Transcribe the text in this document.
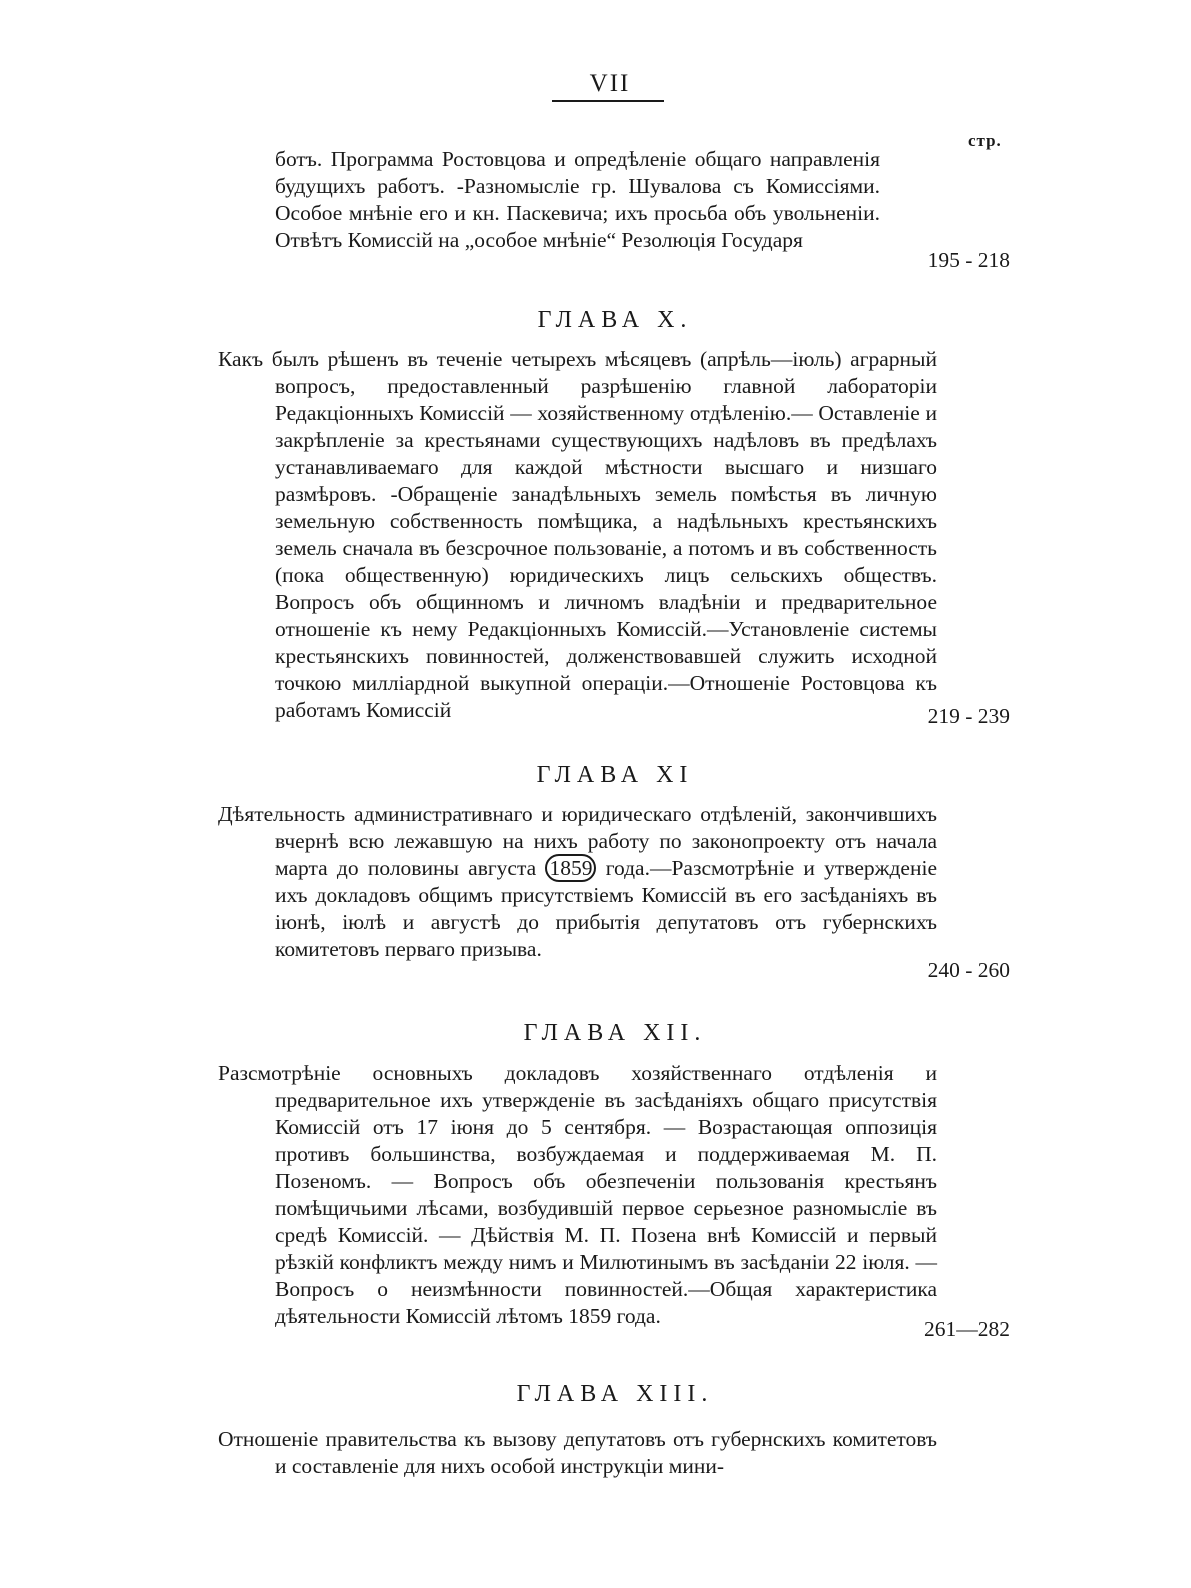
VII
стр.
ботъ. Программа Ростовцова и опредѣленіе общаго направленія будущихъ работъ. -Разномысліе гр. Шувалова съ Комиссіями. Особое мнѣніе его и кн. Паскевича; ихъ просьба объ увольненіи. Отвѣтъ Комиссій на „особое мнѣніе“ Резолюція Государя
195 - 218
ГЛАВА X.
Какъ былъ рѣшенъ въ теченіе четырехъ мѣсяцевъ (апрѣль—іюль) аграрный вопросъ, предоставленный разрѣшенію главной лабораторіи Редакціонныхъ Комиссій — хозяйственному отдѣленію.— Оставленіе и закрѣпленіе за крестьянами существующихъ надѣловъ въ предѣлахъ устанавливаемаго для каждой мѣстности высшаго и низшаго размѣровъ. -Обращеніе занадѣльныхъ земель помѣстья въ личную земельную собственность помѣщика, а надѣльныхъ крестьянскихъ земель сначала въ безсрочное пользованіе, а потомъ и въ собственность (пока общественную) юридическихъ лицъ сельскихъ обществъ. Вопросъ объ общинномъ и личномъ владѣніи и предварительное отношеніе къ нему Редакціонныхъ Комиссій.—Установленіе системы крестьянскихъ повинностей, долженствовавшей служить исходной точкою миллiардной выкупной операціи.—Отношеніе Ростовцова къ работамъ Комиссій	219 - 239
ГЛАВА XI
Дѣятельность административнаго и юридическаго отдѣленій, закончившихъ вчернѣ всю лежавшую на нихъ работу по законопроекту отъ начала марта до половины августа 1859 года.—Разсмотрѣніе и утвержденіе ихъ докладовъ общимъ присутствіемъ Комиссій въ его засѣданіяхъ въ іюнѣ, іюлѣ и августѣ до прибытія депутатовъ отъ губернскихъ комитетовъ перваго призыва.
240 - 260
ГЛАВА XII.
Разсмотрѣніе основныхъ докладовъ хозяйственнаго отдѣленія и предварительное ихъ утвержденіе въ засѣданіяхъ общаго присутствія Комиссій отъ 17 іюня до 5 сентября. — Возрастающая оппозиція противъ большинства, возбуждаемая и поддерживаемая М. П. Позеномъ. — Вопросъ объ обезпеченіи пользованія крестьянъ помѣщичьими лѣсами, возбудившій первое серьезное разномысліе въ средѣ Комиссій. — Дѣйствія М. П. Позена внѣ Комиссій и первый рѣзкій конфликтъ между нимъ и Милютинымъ въ засѣданіи 22 іюля. — Вопросъ о неизмѣнности повинностей.—Общая характеристика дѣятельности Комиссій лѣтомъ 1859 года.
261—282
ГЛАВА XIII.
Отношеніе правительства къ вызову депутатовъ отъ губернскихъ комитетовъ и составленіе для нихъ особой инструкціи мини-
